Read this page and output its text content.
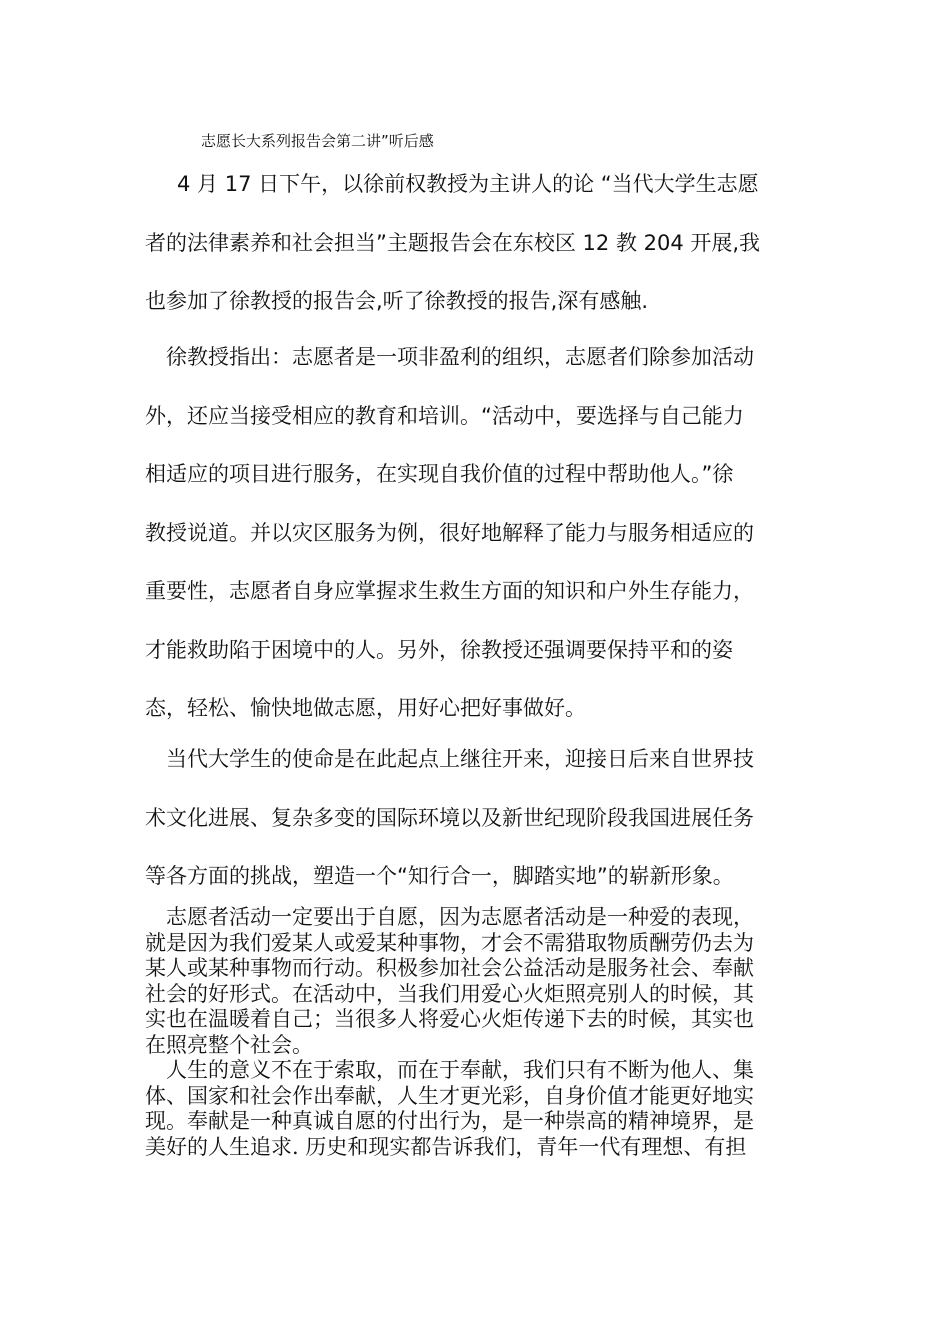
志愿长大系列报告会第二讲”听后感
4 月 17 日下午，以徐前权教授为主讲人的论 “当代大学生志愿
者的法律素养和社会担当”主题报告会在东校区 12 教 204 开展,我
也参加了徐教授的报告会,听了徐教授的报告,深有感触.
徐教授指出：志愿者是一项非盈利的组织，志愿者们除参加活动
外，还应当接受相应的教育和培训。“活动中，要选择与自己能力
相适应的项目进行服务，在实现自我价值的过程中帮助他人。”徐
教授说道。并以灾区服务为例，很好地解释了能力与服务相适应的
重要性，志愿者自身应掌握求生救生方面的知识和户外生存能力，
才能救助陷于困境中的人。另外，徐教授还强调要保持平和的姿
态，轻松、愉快地做志愿，用好心把好事做好。
当代大学生的使命是在此起点上继往开来，迎接日后来自世界技
术文化进展、复杂多变的国际环境以及新世纪现阶段我国进展任务
等各方面的挑战，塑造一个“知行合一，脚踏实地”的崭新形象。
志愿者活动一定要出于自愿，因为志愿者活动是一种爱的表现，
就是因为我们爱某人或爱某种事物，才会不需猎取物质酬劳仍去为
某人或某种事物而行动。积极参加社会公益活动是服务社会、奉献
社会的好形式。在活动中，当我们用爱心火炬照亮别人的时候，其
实也在温暖着自己；当很多人将爱心火炬传递下去的时候，其实也
在照亮整个社会。
人生的意义不在于索取，而在于奉献，我们只有不断为他人、集
体、国家和社会作出奉献，人生才更光彩，自身价值才能更好地实
现。奉献是一种真诚自愿的付出行为，是一种崇高的精神境界，是
美好的人生追求. 历史和现实都告诉我们，青年一代有理想、有担
